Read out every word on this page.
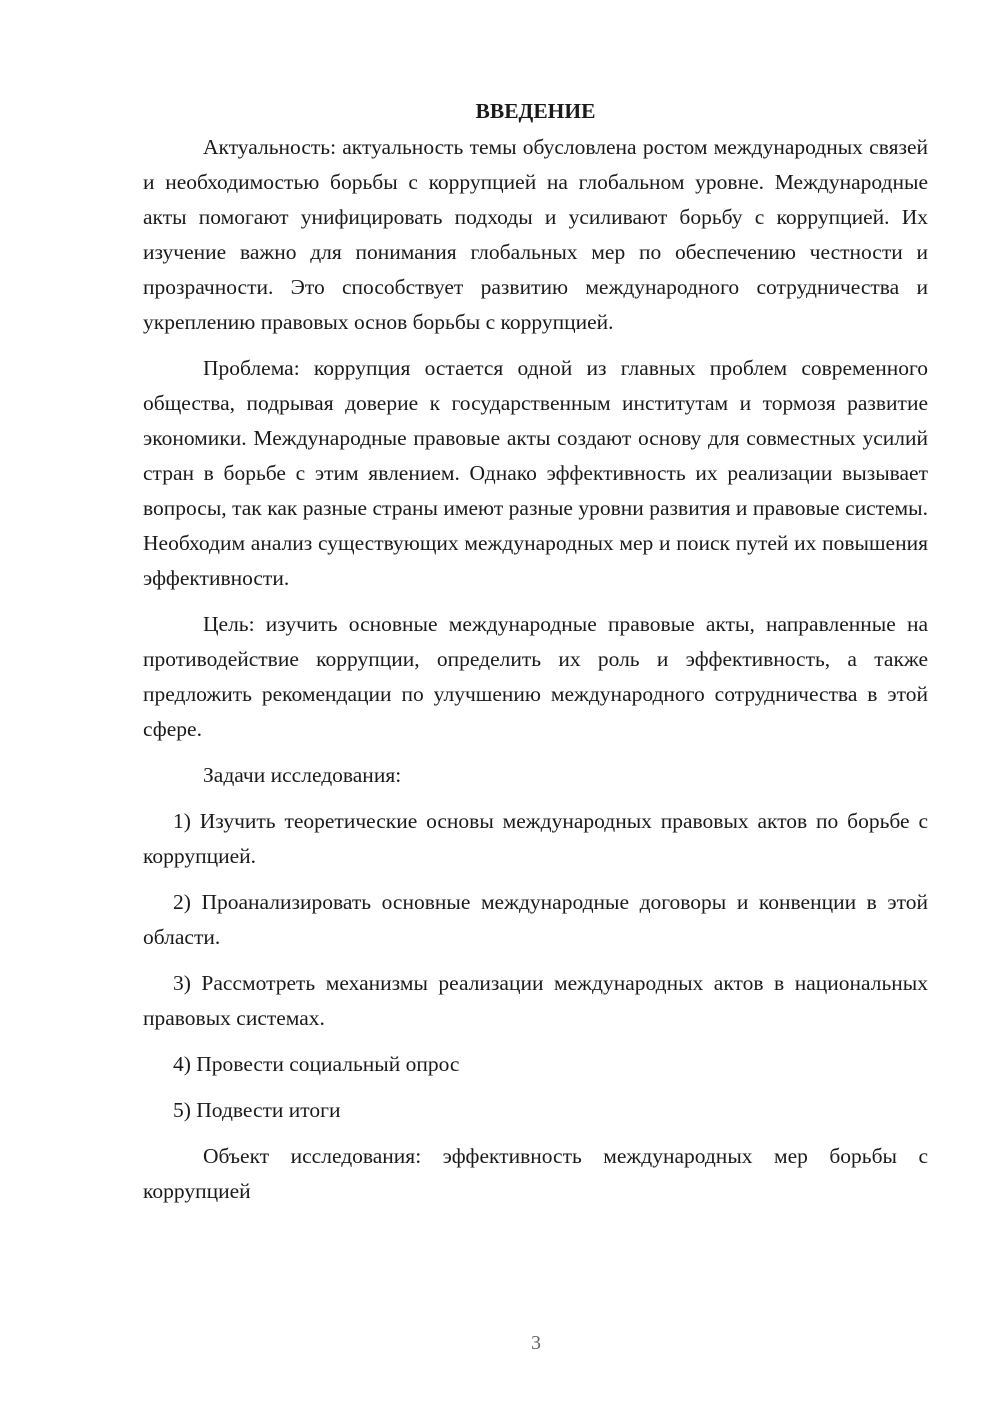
ВВЕДЕНИЕ

Актуальность: актуальность темы обусловлена ростом международных связей и необходимостью борьбы с коррупцией на глобальном уровне. Международные акты помогают унифицировать подходы и усиливают борьбу с коррупцией. Их изучение важно для понимания глобальных мер по обеспечению честности и прозрачности. Это способствует развитию международного сотрудничества и укреплению правовых основ борьбы с коррупцией.

Проблема: коррупция остается одной из главных проблем современного общества, подрывая доверие к государственным институтам и тормозя развитие экономики. Международные правовые акты создают основу для совместных усилий стран в борьбе с этим явлением. Однако эффективность их реализации вызывает вопросы, так как разные страны имеют разные уровни развития и правовые системы. Необходим анализ существующих международных мер и поиск путей их повышения эффективности.

Цель: изучить основные международные правовые акты, направленные на противодействие коррупции, определить их роль и эффективность, а также предложить рекомендации по улучшению международного сотрудничества в этой сфере.

Задачи исследования:

1) Изучить теоретические основы международных правовых актов по борьбе с коррупцией.

2) Проанализировать основные международные договоры и конвенции в этой области.

3) Рассмотреть механизмы реализации международных актов в национальных правовых системах.

4) Провести социальный опрос

5) Подвести итоги

Объект исследования: эффективность международных мер борьбы с коррупцией

3
